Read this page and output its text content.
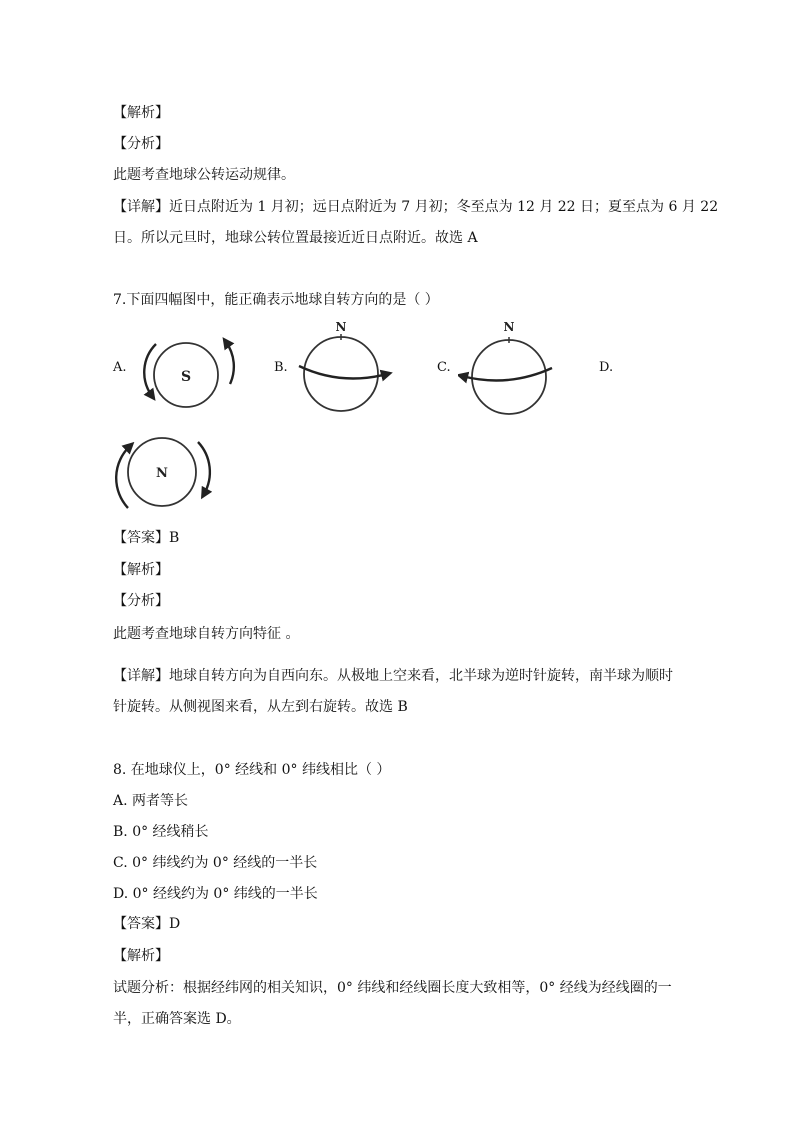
【解析】
【分析】
此题考查地球公转运动规律。
【详解】近日点附近为 1 月初；远日点附近为 7 月初；冬至点为 12 月 22 日；夏至点为 6 月 22
日。所以元旦时，地球公转位置最接近近日点附近。故选 A
7.下面四幅图中，能正确表示地球自转方向的是（ ）
A.	B.	C.	D.
S
N	N
N
【答案】B
【解析】
【分析】
此题考查地球自转方向特征 。
【详解】地球自转方向为自西向东。从极地上空来看，北半球为逆时针旋转，南半球为顺时
针旋转。从侧视图来看，从左到右旋转。故选 B
8. 在地球仪上，0° 经线和 0° 纬线相比（ ）
A. 两者等长
B. 0° 经线稍长
C. 0° 纬线约为 0° 经线的一半长
D. 0° 经线约为 0° 纬线的一半长
【答案】D
【解析】
试题分析：根据经纬网的相关知识，0° 纬线和经线圈长度大致相等，0° 经线为经线圈的一
半，正确答案选 D。
